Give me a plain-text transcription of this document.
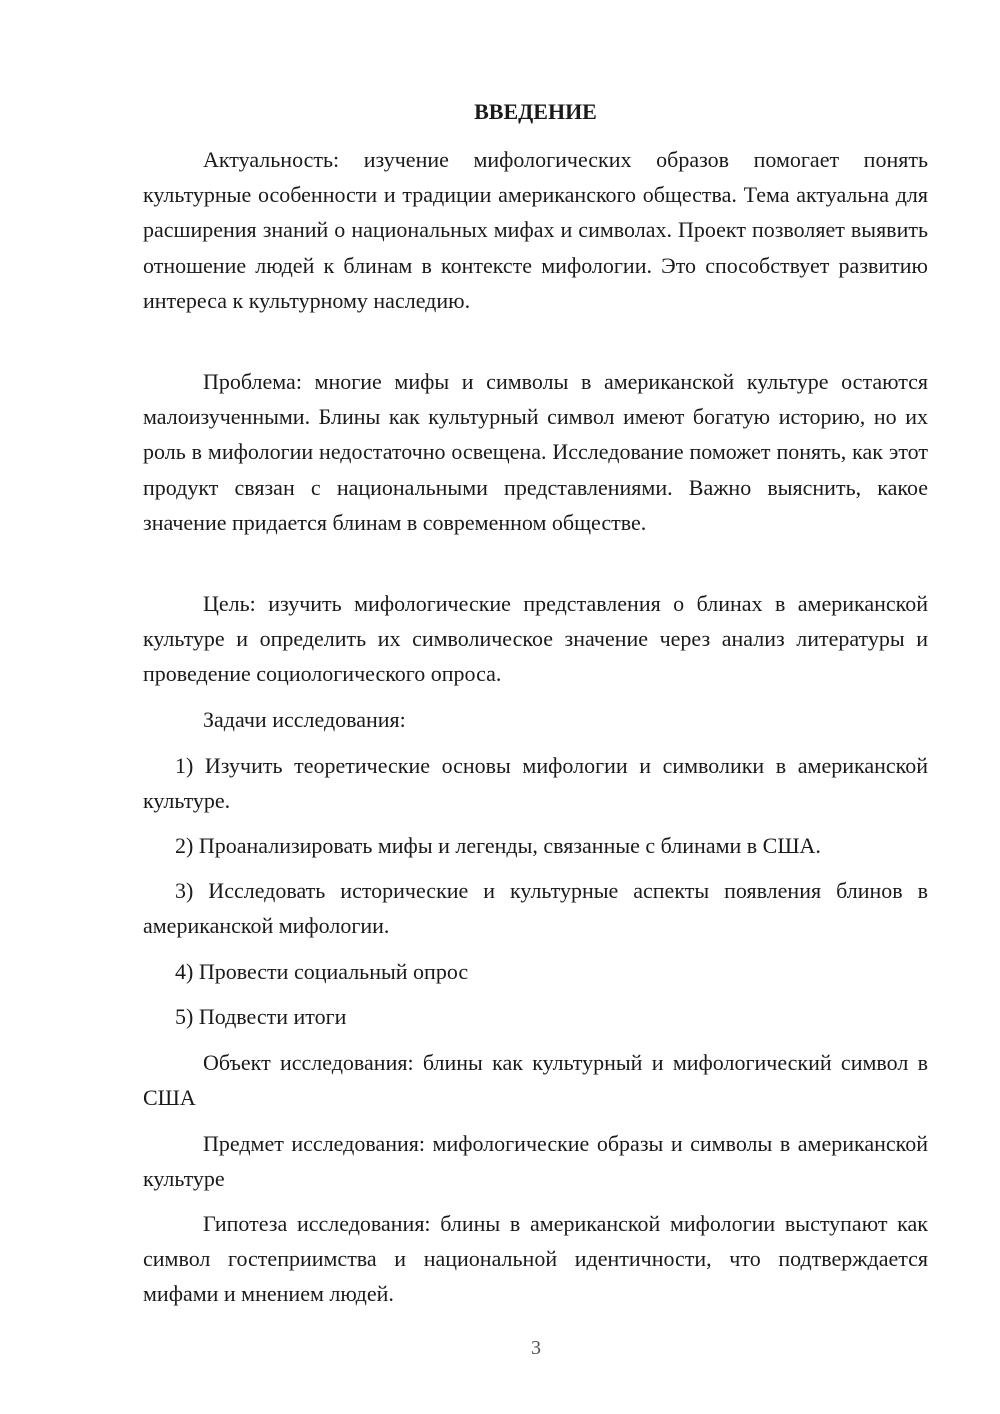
ВВЕДЕНИЕ

Актуальность: изучение мифологических образов помогает понять культурные особенности и традиции американского общества. Тема актуальна для расширения знаний о национальных мифах и символах. Проект позволяет выявить отношение людей к блинам в контексте мифологии. Это способствует развитию интереса к культурному наследию.

Проблема: многие мифы и символы в американской культуре остаются малоизученными. Блины как культурный символ имеют богатую историю, но их роль в мифологии недостаточно освещена. Исследование поможет понять, как этот продукт связан с национальными представлениями. Важно выяснить, какое значение придается блинам в современном обществе.

Цель: изучить мифологические представления о блинах в американской культуре и определить их символическое значение через анализ литературы и проведение социологического опроса.

Задачи исследования:

1) Изучить теоретические основы мифологии и символики в американской культуре.

2) Проанализировать мифы и легенды, связанные с блинами в США.

3) Исследовать исторические и культурные аспекты появления блинов в американской мифологии.

4) Провести социальный опрос

5) Подвести итоги

Объект исследования: блины как культурный и мифологический символ в США

Предмет исследования: мифологические образы и символы в американской культуре

Гипотеза исследования: блины в американской мифологии выступают как символ гостеприимства и национальной идентичности, что подтверждается мифами и мнением людей.

3
